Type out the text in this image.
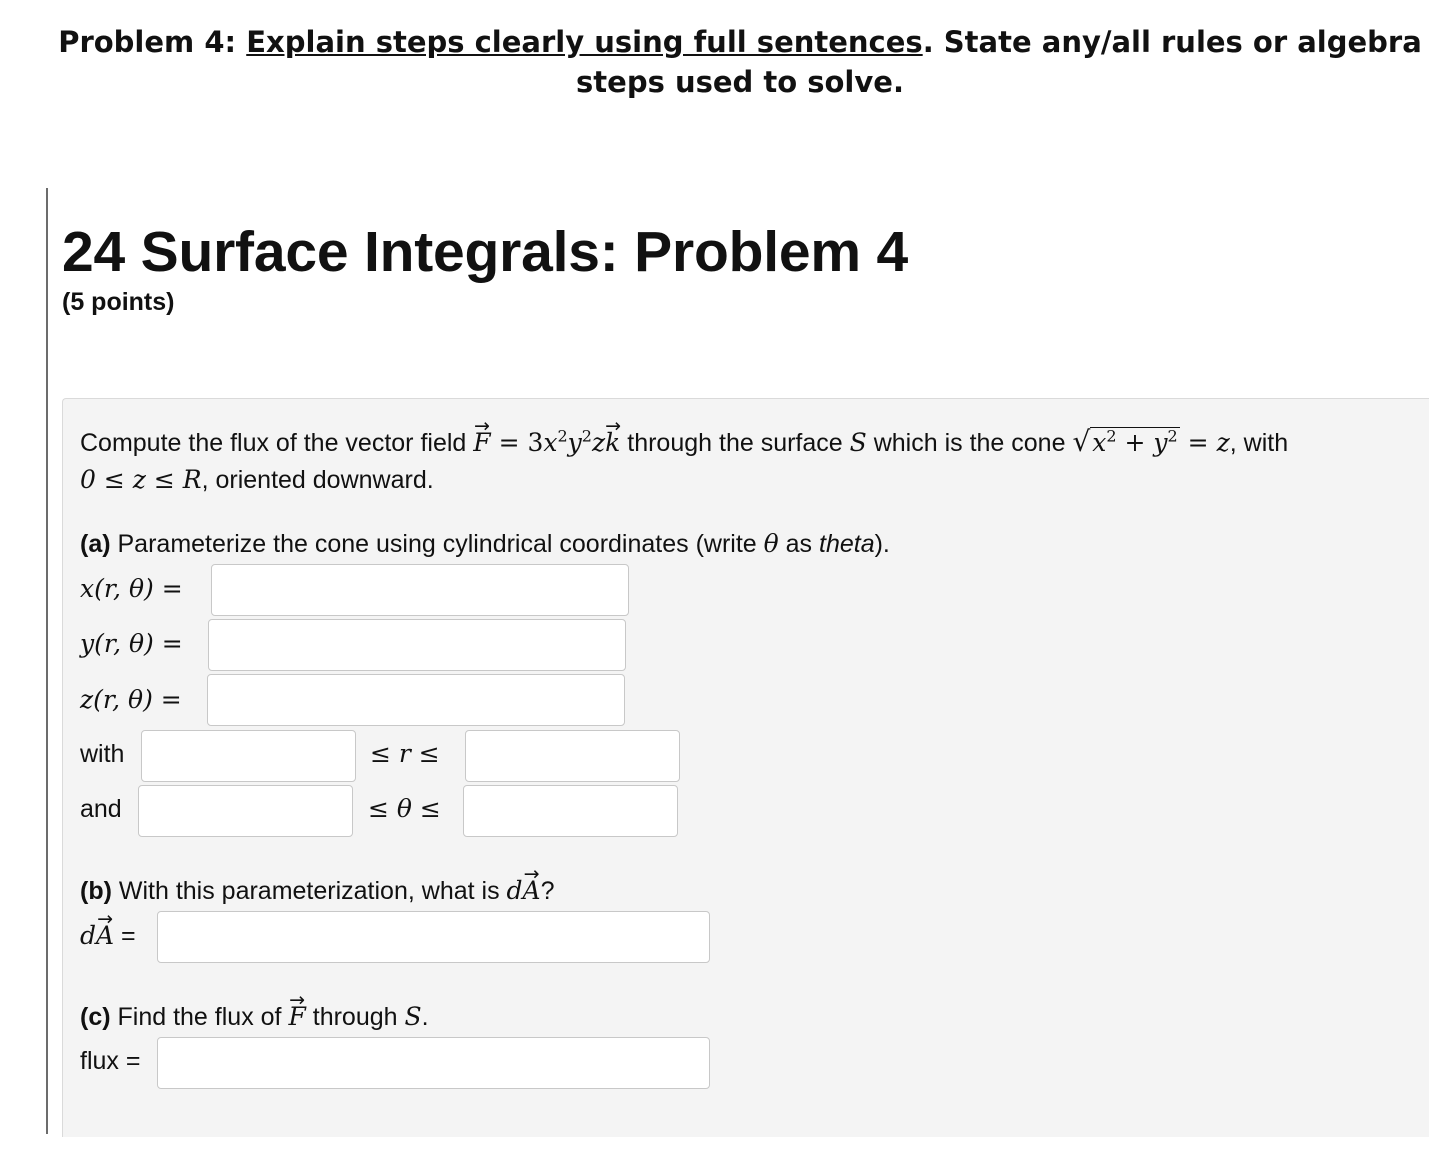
Problem 4: Explain steps clearly using full sentences. State any/all rules or algebra steps used to solve.
24 Surface Integrals: Problem 4
(5 points)
Compute the flux of the vector field F → = $3x^2y^2zk$ → through the surface S which is the cone $√x^2 + y^2 = z$, with
0 ≤ z ≤ R, oriented downward.
(a) Parameterize the cone using cylindrical coordinates (write θ as theta).
x(r, θ) =
y(r, θ) =
z(r, θ) =
with	≤ r ≤
and	≤ θ ≤
(b) With this parameterization, what is dA →?
dA → =
(c) Find the flux of F → through S.
flux =
